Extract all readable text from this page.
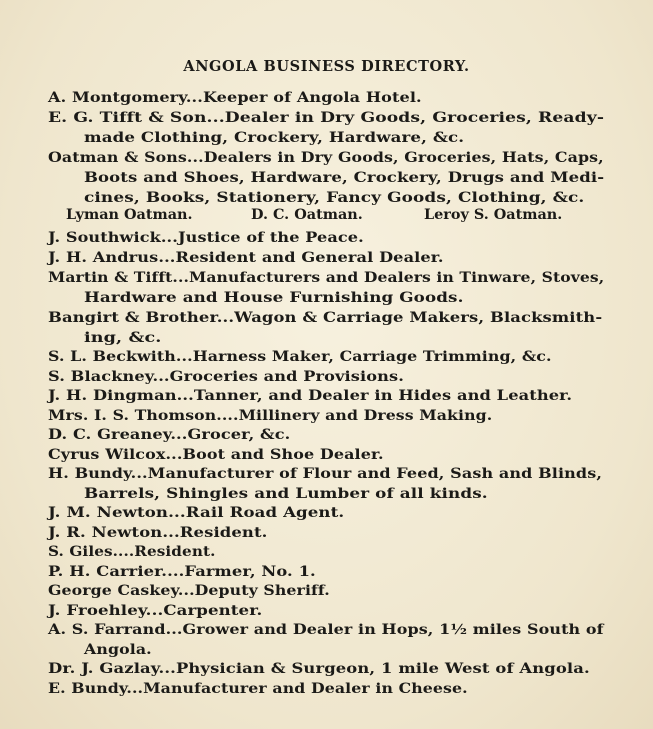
ANGOLA BUSINESS DIRECTORY.
A. Montgomery...Keeper of Angola Hotel.
E. G. Tifft & Son...Dealer in Dry Goods, Groceries, Ready-
made Clothing, Crockery, Hardware, &c.
Oatman & Sons...Dealers in Dry Goods, Groceries, Hats, Caps,
Boots and Shoes, Hardware, Crockery, Drugs and Medi-
cines, Books, Stationery, Fancy Goods, Clothing, &c.
J. Southwick...Justice of the Peace.
J. H. Andrus...Resident and General Dealer.
Martin & Tifft...Manufacturers and Dealers in Tinware, Stoves,
Hardware and House Furnishing Goods.
Bangirt & Brother...Wagon & Carriage Makers, Blacksmith-
ing, &c.
S. L. Beckwith...Harness Maker, Carriage Trimming, &c.
S. Blackney...Groceries and Provisions.
J. H. Dingman...Tanner, and Dealer in Hides and Leather.
Mrs. I. S. Thomson....Millinery and Dress Making.
D. C. Greaney...Grocer, &c.
Cyrus Wilcox...Boot and Shoe Dealer.
H. Bundy...Manufacturer of Flour and Feed, Sash and Blinds,
Barrels, Shingles and Lumber of all kinds.
J. M. Newton...Rail Road Agent.
J. R. Newton...Resident.
S. Giles....Resident.
P. H. Carrier....Farmer, No. 1.
George Caskey...Deputy Sheriff.
J. Froehley...Carpenter.
A. S. Farrand...Grower and Dealer in Hops, 1½ miles South of
Angola.
Dr. J. Gazlay...Physician & Surgeon, 1 mile West of Angola.
E. Bundy...Manufacturer and Dealer in Cheese.
Lyman Oatman.	D. C. Oatman.	Leroy S. Oatman.
